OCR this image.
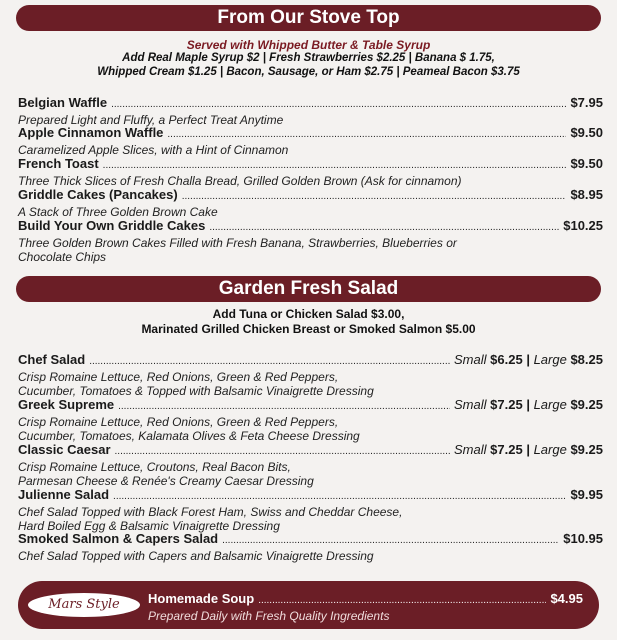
From Our Stove Top
Served with Whipped Butter & Table Syrup
Add Real Maple Syrup $2 | Fresh Strawberries $2.25 | Banana $ 1.75,
Whipped Cream $1.25 | Bacon, Sausage, or Ham $2.75 | Peameal Bacon $3.75
Belgian Waffle .....	$7.95
Prepared Light and Fluffy, a Perfect Treat Anytime
Apple Cinnamon Waffle .....	$9.50
Caramelized Apple Slices, with a Hint of Cinnamon
French Toast .....	$9.50
Three Thick Slices of Fresh Challa Bread, Grilled Golden Brown (Ask for cinnamon)
Griddle Cakes (Pancakes) .....	$8.95
A Stack of Three Golden Brown Cake
Build Your Own Griddle Cakes .....	$10.25
Three Golden Brown Cakes Filled with Fresh Banana, Strawberries, Blueberries or
Chocolate Chips
Garden Fresh Salad
Add Tuna or Chicken Salad $3.00,
Marinated Grilled Chicken Breast or Smoked Salmon $5.00
Chef Salad .....	Small $6.25 | Large $8.25
Crisp Romaine Lettuce, Red Onions, Green & Red Peppers,
Cucumber, Tomatoes & Topped with Balsamic Vinaigrette Dressing
Greek Supreme .....	Small $7.25 | Large $9.25
Crisp Romaine Lettuce, Red Onions, Green & Red Peppers,
Cucumber, Tomatoes, Kalamata Olives & Feta Cheese Dressing
Classic Caesar .....	Small $7.25 | Large $9.25
Crisp Romaine Lettuce, Croutons, Real Bacon Bits,
Parmesan Cheese & Renée's Creamy Caesar Dressing
Julienne Salad .....	$9.95
Chef Salad Topped with Black Forest Ham, Swiss and Cheddar Cheese,
Hard Boiled Egg & Balsamic Vinaigrette Dressing
Smoked Salmon & Capers Salad .....	$10.95
Chef Salad Topped with Capers and Balsamic Vinaigrette Dressing
Mars Style	Homemade Soup .....	$4.95
Prepared Daily with Fresh Quality Ingredients
